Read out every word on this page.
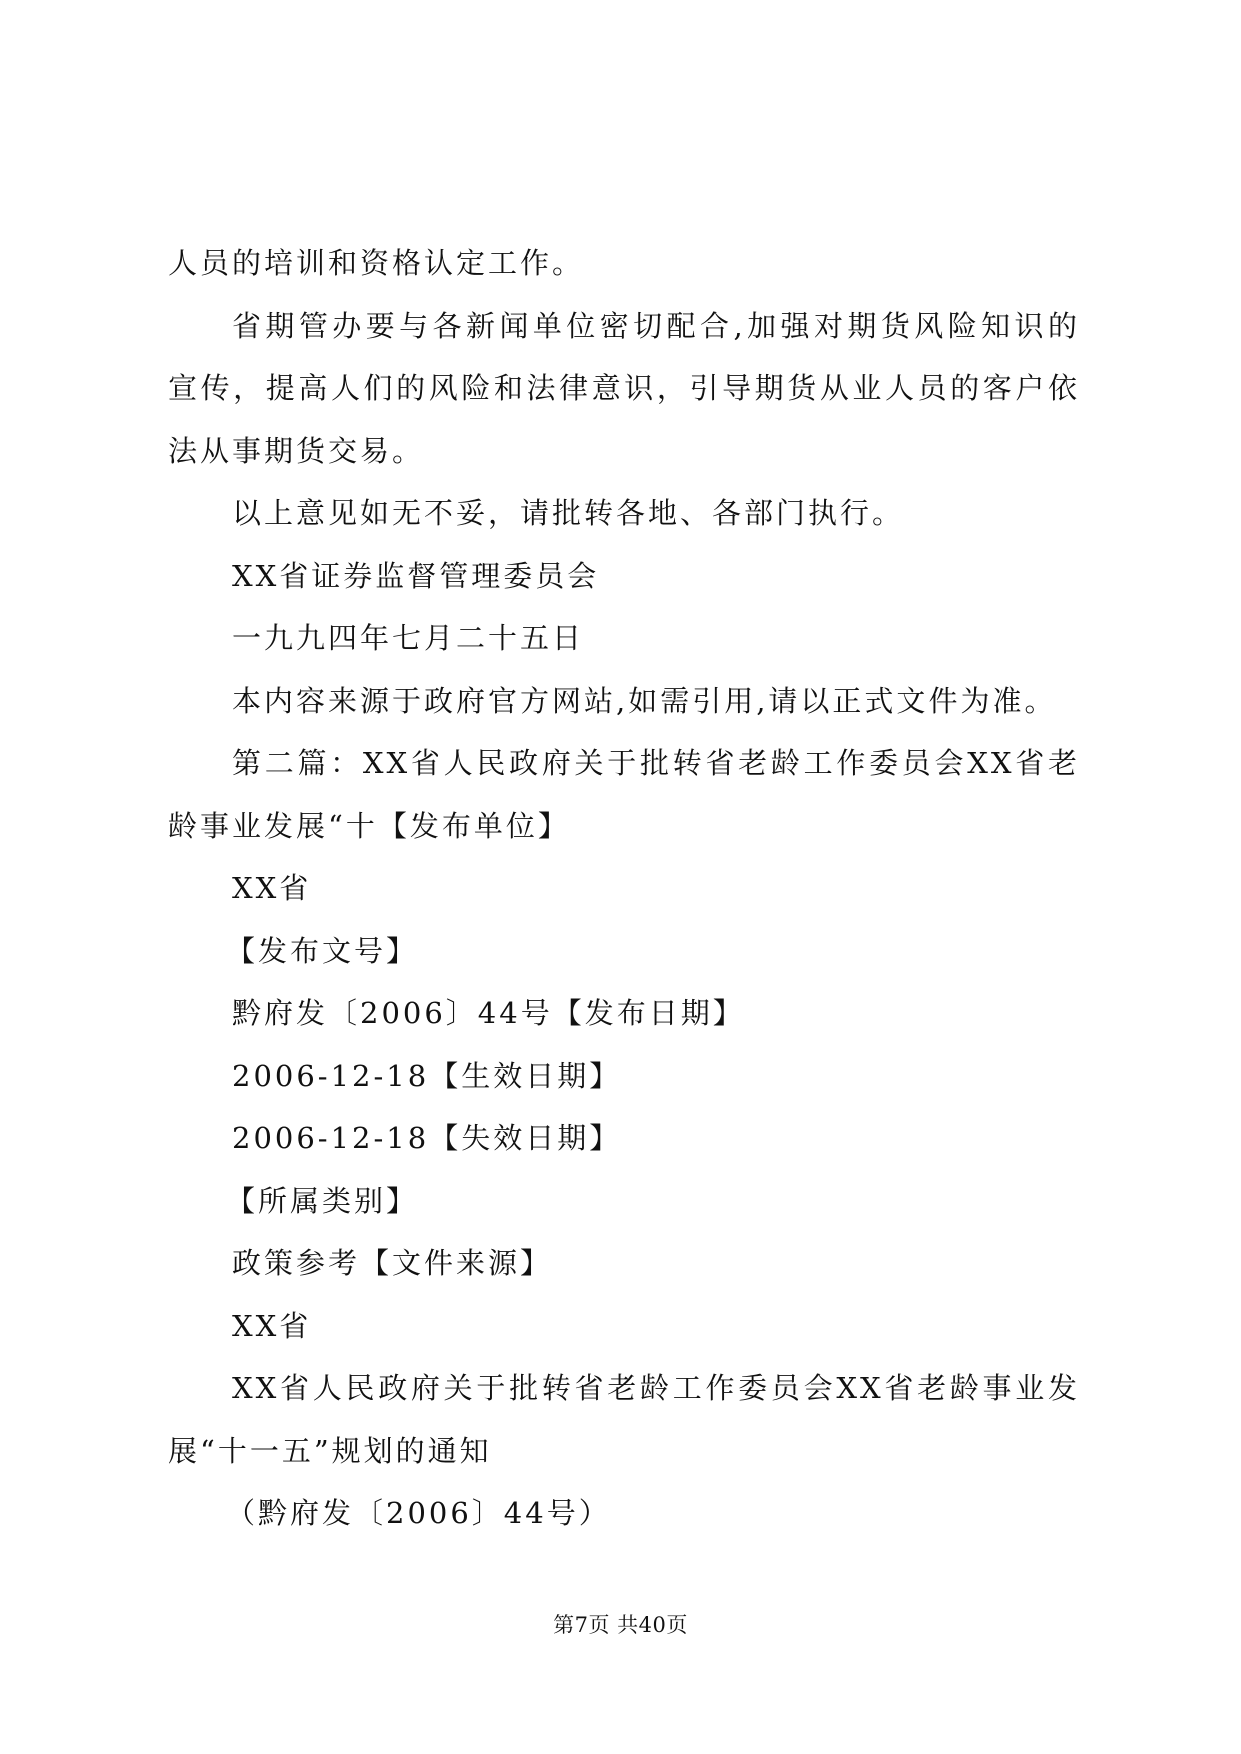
人员的培训和资格认定工作。
省期管办要与各新闻单位密切配合,加强对期货风险知识的
宣传，提高人们的风险和法律意识，引导期货从业人员的客户依
法从事期货交易。
以上意见如无不妥，请批转各地、各部门执行。
XX省证券监督管理委员会
一九九四年七月二十五日
本内容来源于政府官方网站,如需引用,请以正式文件为准。
第二篇：XX省人民政府关于批转省老龄工作委员会XX省老
龄事业发展“十【发布单位】
XX省
【发布文号】
黔府发〔2006〕44号【发布日期】
2006-12-18【生效日期】
2006-12-18【失效日期】
【所属类别】
政策参考【文件来源】
XX省
XX省人民政府关于批转省老龄工作委员会XX省老龄事业发
展“十一五”规划的通知
（黔府发〔2006〕44号）
第7页 共40页
